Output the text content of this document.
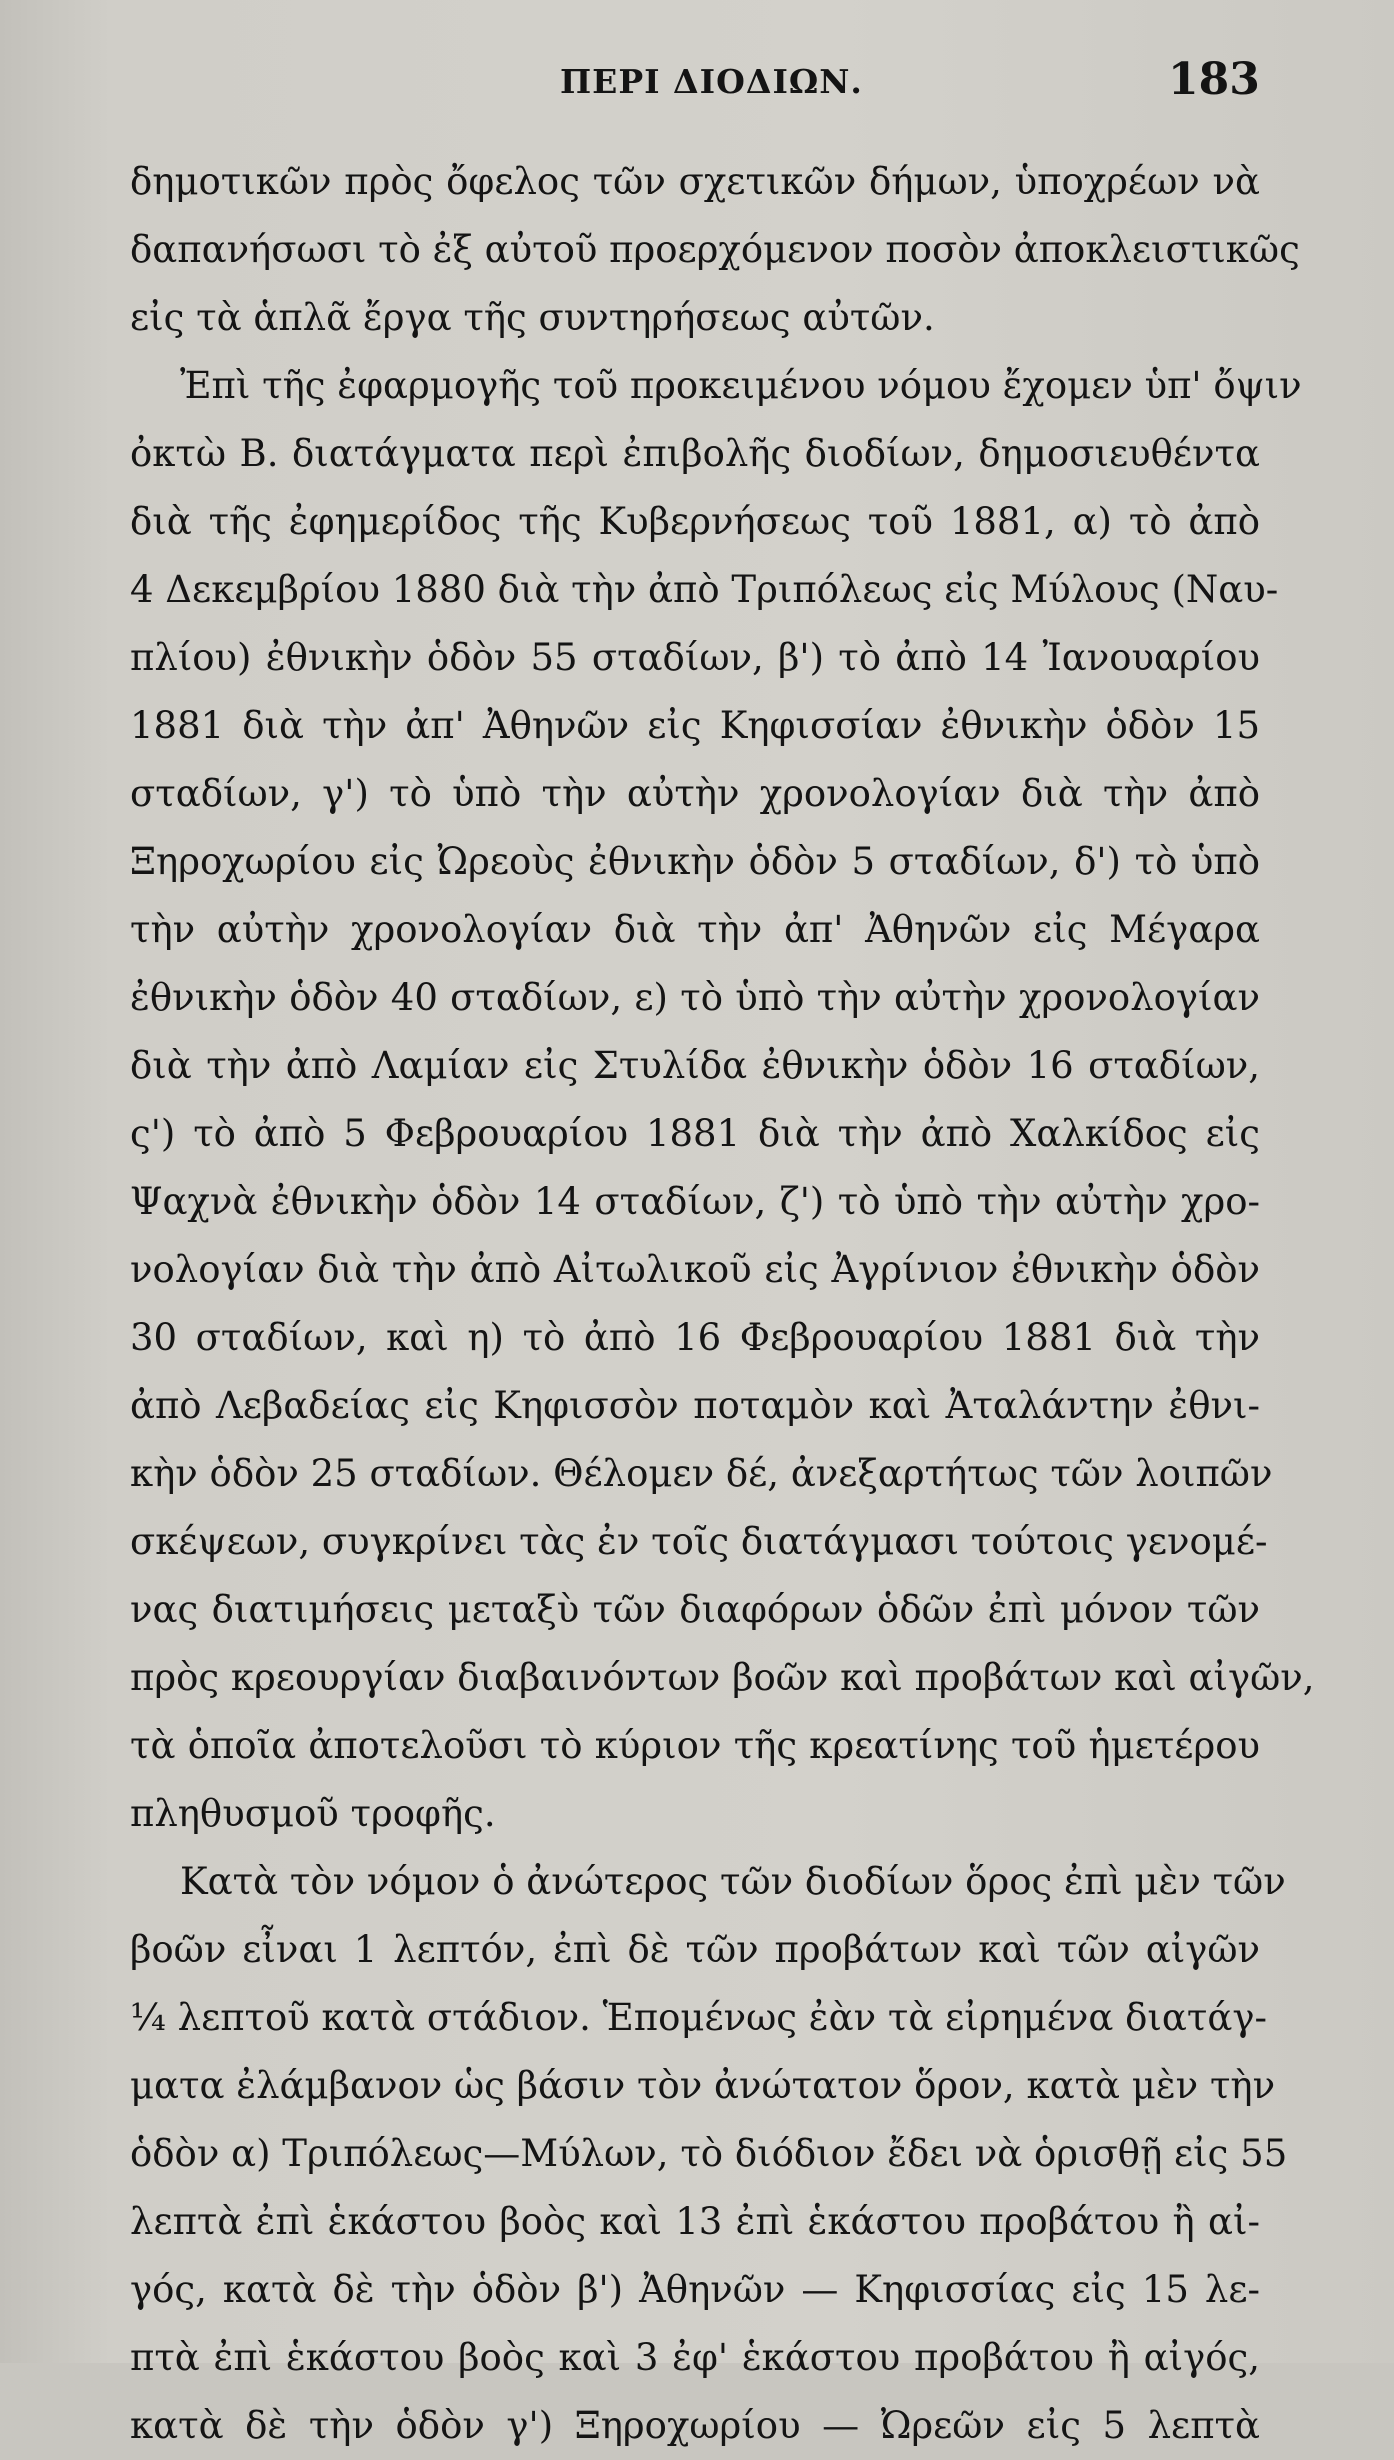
ΠΕΡΙ ΔΙΟΔΙΩΝ.	183
δημοτικῶν πρὸς ὄφελος τῶν σχετικῶν δήμων, ὑποχρέων νὰ
δαπανήσωσι τὸ ἐξ αὐτοῦ προερχόμενον ποσὸν ἀποκλειστικῶς
εἰς τὰ ἁπλᾶ ἔργα τῆς συντηρήσεως αὐτῶν.
Ἐπὶ τῆς ἐφαρμογῆς τοῦ προκειμένου νόμου ἔχομεν ὑπ' ὄψιν
ὀκτὼ Β. διατάγματα περὶ ἐπιβολῆς διοδίων, δημοσιευθέντα
διὰ τῆς ἐφημερίδος τῆς Κυβερνήσεως τοῦ 1881, α) τὸ ἀπὸ
4 Δεκεμβρίου 1880 διὰ τὴν ἀπὸ Τριπόλεως εἰς Μύλους (Ναυ-
πλίου) ἐθνικὴν ὁδὸν 55 σταδίων, β') τὸ ἀπὸ 14 Ἰανουαρίου
1881 διὰ τὴν ἀπ' Ἀθηνῶν εἰς Κηφισσίαν ἐθνικὴν ὁδὸν 15
σταδίων, γ') τὸ ὑπὸ τὴν αὐτὴν χρονολογίαν διὰ τὴν ἀπὸ
Ξηροχωρίου εἰς Ὠρεοὺς ἐθνικὴν ὁδὸν 5 σταδίων, δ') τὸ ὑπὸ
τὴν αὐτὴν χρονολογίαν διὰ τὴν ἀπ' Ἀθηνῶν εἰς Μέγαρα
ἐθνικὴν ὁδὸν 40 σταδίων, ε) τὸ ὑπὸ τὴν αὐτὴν χρονολογίαν
διὰ τὴν ἀπὸ Λαμίαν εἰς Στυλίδα ἐθνικὴν ὁδὸν 16 σταδίων,
ς') τὸ ἀπὸ 5 Φεβρουαρίου 1881 διὰ τὴν ἀπὸ Χαλκίδος εἰς
Ψαχνὰ ἐθνικὴν ὁδὸν 14 σταδίων, ζ') τὸ ὑπὸ τὴν αὐτὴν χρο-
νολογίαν διὰ τὴν ἀπὸ Αἰτωλικοῦ εἰς Ἀγρίνιον ἐθνικὴν ὁδὸν
30 σταδίων, καὶ η) τὸ ἀπὸ 16 Φεβρουαρίου 1881 διὰ τὴν
ἀπὸ Λεβαδείας εἰς Κηφισσὸν ποταμὸν καὶ Ἀταλάντην ἐθνι-
κὴν ὁδὸν 25 σταδίων. Θέλομεν δέ, ἀνεξαρτήτως τῶν λοιπῶν
σκέψεων, συγκρίνει τὰς ἐν τοῖς διατάγμασι τούτοις γενομέ-
νας διατιμήσεις μεταξὺ τῶν διαφόρων ὁδῶν ἐπὶ μόνον τῶν
πρὸς κρεουργίαν διαβαινόντων βοῶν καὶ προβάτων καὶ αἰγῶν,
τὰ ὁποῖα ἀποτελοῦσι τὸ κύριον τῆς κρεατίνης τοῦ ἡμετέρου
πληθυσμοῦ τροφῆς.
Κατὰ τὸν νόμον ὁ ἀνώτερος τῶν διοδίων ὅρος ἐπὶ μὲν τῶν
βοῶν εἶναι 1 λεπτόν, ἐπὶ δὲ τῶν προβάτων καὶ τῶν αἰγῶν
¼ λεπτοῦ κατὰ στάδιον. Ἑπομένως ἐὰν τὰ εἰρημένα διατάγ-
ματα ἐλάμβανον ὡς βάσιν τὸν ἀνώτατον ὅρον, κατὰ μὲν τὴν
ὁδὸν α) Τριπόλεως—Μύλων, τὸ διόδιον ἔδει νὰ ὁρισθῇ εἰς 55
λεπτὰ ἐπὶ ἑκάστου βοὸς καὶ 13 ἐπὶ ἑκάστου προβάτου ἢ αἰ-
γός, κατὰ δὲ τὴν ὁδὸν β') Ἀθηνῶν — Κηφισσίας εἰς 15 λε-
πτὰ ἐπὶ ἑκάστου βοὸς καὶ 3 ἐφ' ἑκάστου προβάτου ἢ αἰγός,
κατὰ δὲ τὴν ὁδὸν γ') Ξηροχωρίου — Ὠρεῶν εἰς 5 λεπτὰ
